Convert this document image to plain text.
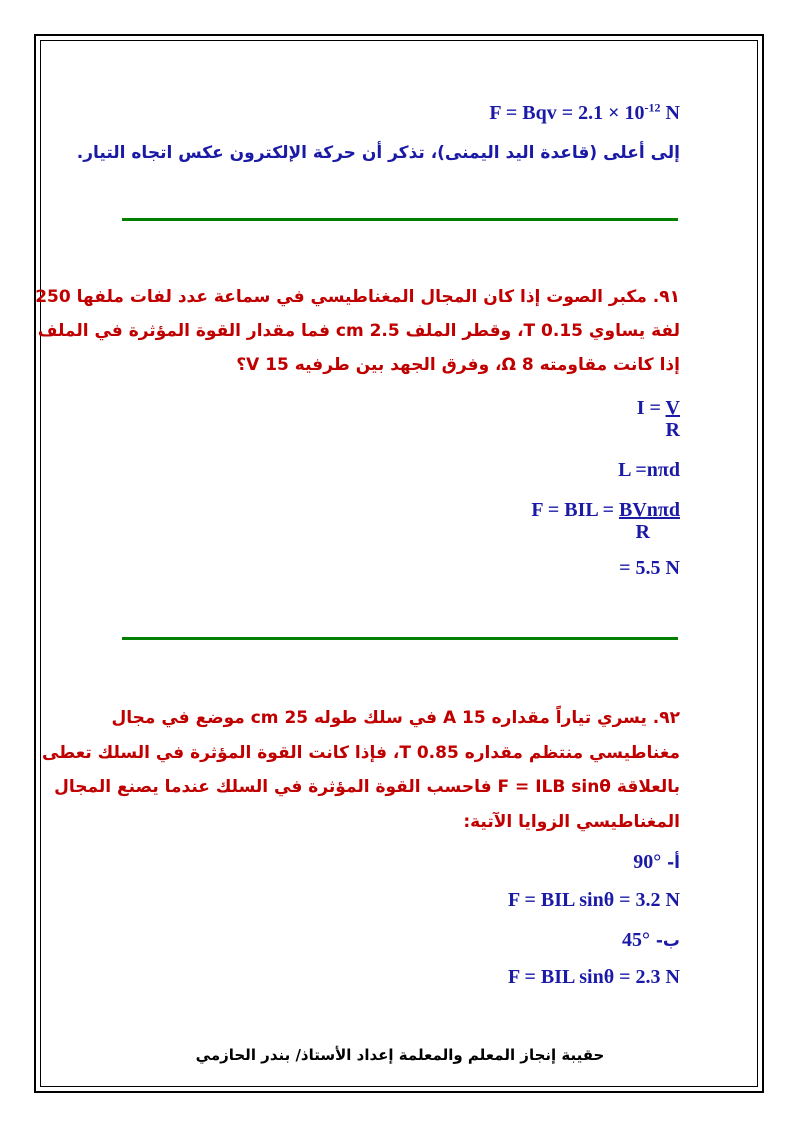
F = Bqv = $2.1 \times 10^{-12}$ N
إلى أعلى (قاعدة اليد اليمنى)، تذكر أن حركة الإلكترون عكس اتجاه التيار.
٩١. مكبر الصوت إذا كان المجال المغناطيسي في سماعة عدد لفات ملفها 250
لفة يساوي T 0.15، وقطر الملف cm 2.5 فما مقدار القوة المؤثرة في الملف
إذا كانت مقاومته Ω 8، وفرق الجهد بين طرفيه V 15؟
I = V
R
L =nπd
F = BIL = BVnπd
R
= 5.5 N
٩٢. يسري تياراً مقداره A 15 في سلك طوله cm 25 موضع في مجال
مغناطيسي منتظم مقداره T 0.85، فإذا كانت القوة المؤثرة في السلك تعطى
بالعلاقة F = ILB sinθ فاحسب القوة المؤثرة في السلك عندما يصنع المجال
المغناطيسي الزوايا الآتية:
أ- 90°
F = BIL sinθ = 3.2 N
ب- 45°
F = BIL sinθ = 2.3 N
حقيبة إنجاز المعلم والمعلمة إعداد الأستاذ/ بندر الحازمي
